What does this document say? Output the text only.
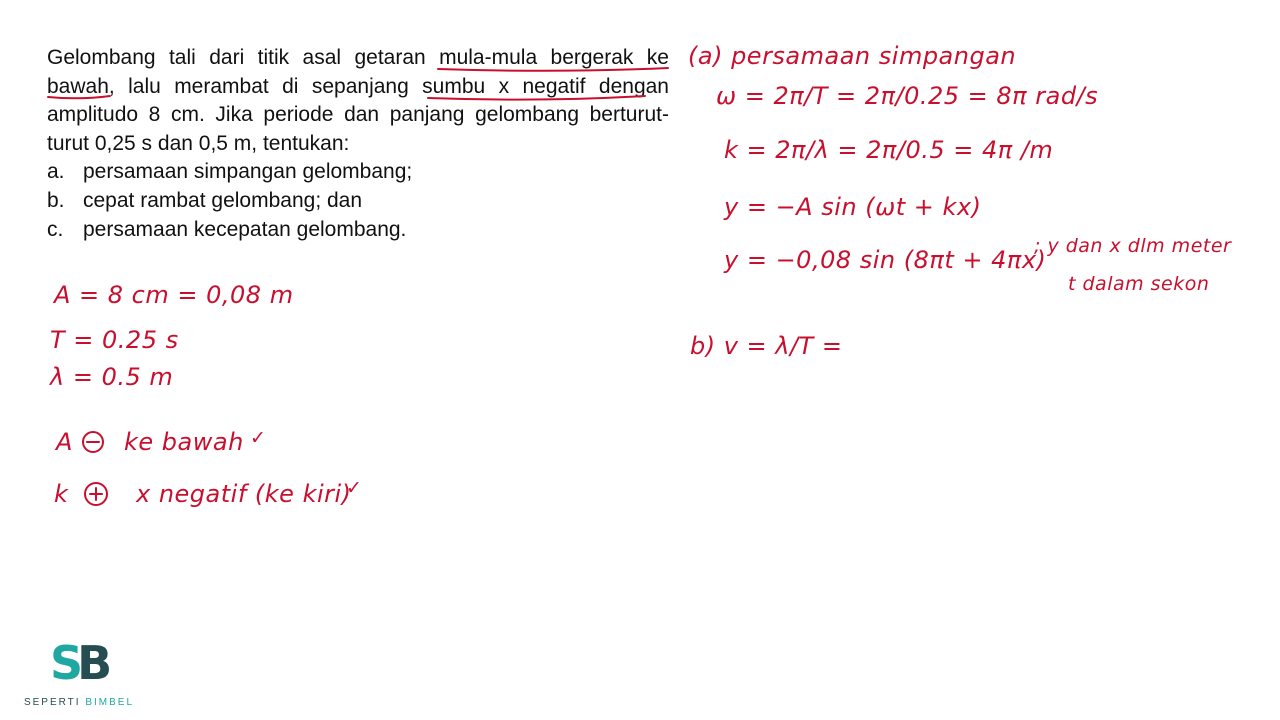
Gelombang tali dari titik asal getaran mula-mula bergerak ke

bawah, lalu merambat di sepanjang sumbu x negatif dengan

amplitudo 8 cm. Jika periode dan panjang gelombang berturut-

turut 0,25 s dan 0,5 m, tentukan:

a. persamaan simpangan gelombang;
b. cepat rambat gelombang; dan
c. persamaan kecepatan gelombang.
A = 8 cm = 0,08 m
T = 0.25 s
λ = 0.5 m
A ke bawah ✓
k	x negatif (ke kiri)
✓
(a) persamaan simpangan
ω = 2π/T = 2π/0.25 = 8π rad/s
k = 2π/λ = 2π/0.5 = 4π /m
y = −A sin (ωt + kx)
y = −0,08 sin (8πt + 4πx)
; y dan x dlm meter
t dalam sekon
b) v = λ/T =
SB
SEPERTI BIMBEL
